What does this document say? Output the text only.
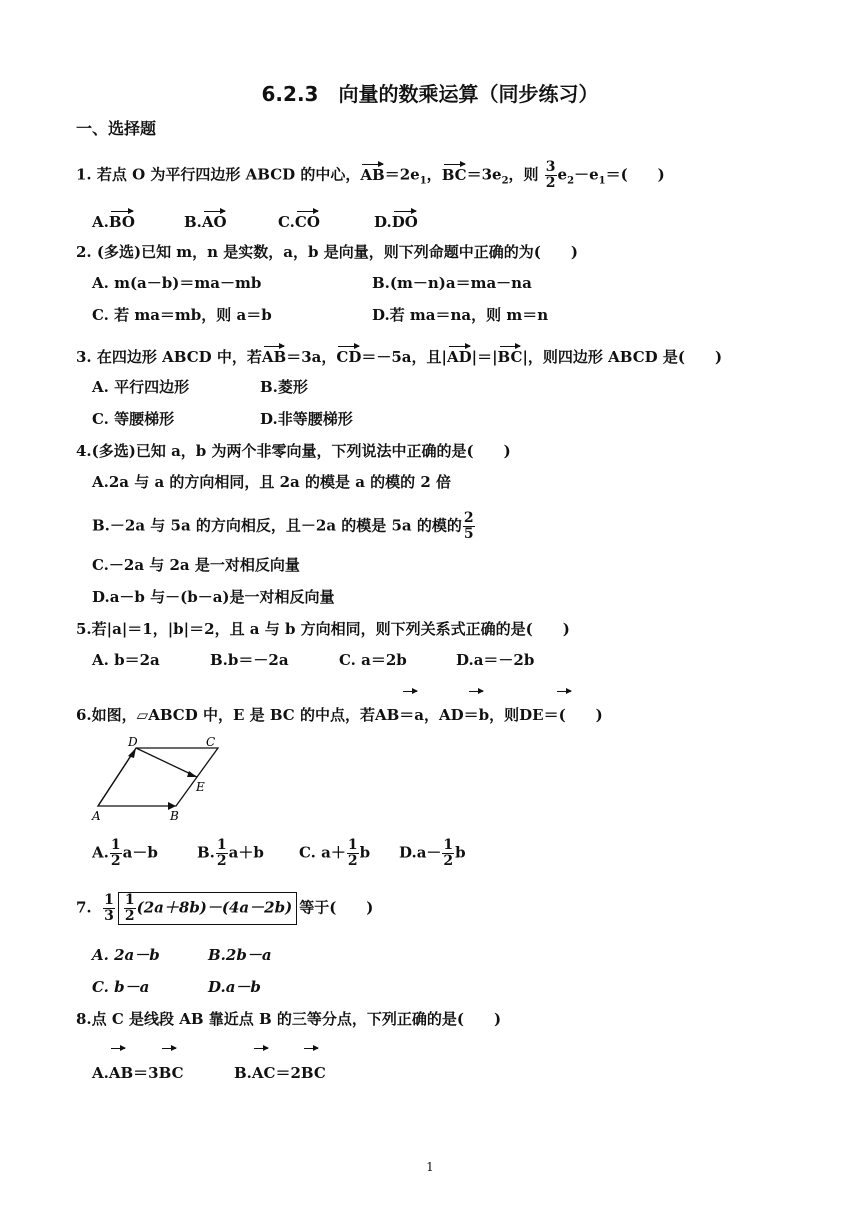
6.2.3　向量的数乘运算（同步练习）
一、选择题
1. 若点 O 为平行四边形 ABCD 的中心，$AB=2e_1$，$BC=3e_2$，则 $\frac{3}{2} e_2-e_1=$(　　)
A.BO	B.AO	C.CO	D.DO
2. (多选)已知 m，n 是实数，a，b 是向量，则下列命题中正确的为(　　)
A. m(a－b)＝ma－mb	B.(m－n)a＝ma－na
C. 若 ma＝mb，则 a＝b	D.若 ma＝na，则 m＝n
3. 在四边形 ABCD 中，若AB＝3a，CD＝－5a，且|AD|＝|BC|，则四边形 ABCD 是(　　)
A. 平行四边形	B.菱形
C. 等腰梯形	D.非等腰梯形
4.(多选)已知 a，b 为两个非零向量，下列说法中正确的是(　　)
A.2a 与 a 的方向相同，且 2a 的模是 a 的模的 2 倍
B.－2a 与 5a 的方向相反，且－2a 的模是 5a 的模的 $\frac{2}{5}$
C.－2a 与 2a 是一对相反向量
D.a－b 与－(b－a)是一对相反向量
5.若|a|＝1，|b|＝2，且 a 与 b 方向相同，则下列关系式正确的是(　　)
A. b＝2a	B.b＝－2a	C. a＝2b	D.a＝－2b
6.如图，▱ABCD 中，E 是 BC 的中点，若AB＝a，AD＝b，则DE＝(　　)
D	C
E
A	B
A. $\frac{1}{2} a-b$	B. $\frac{1}{2} a+b$ C. $a+ \frac{1}{2}$ b $D.a- \frac{1}{2}$ b
7. $\frac{1}{3} \frac{1}{2} (2a+8b)-(4a-2b)$ 等于(　　)
A. 2a－b	B.2b－a
C. b－a	D.a－b
8.点 C 是线段 AB 靠近点 B 的三等分点，下列正确的是(　　)
A.AB＝3BC	B.AC＝2BC
1
